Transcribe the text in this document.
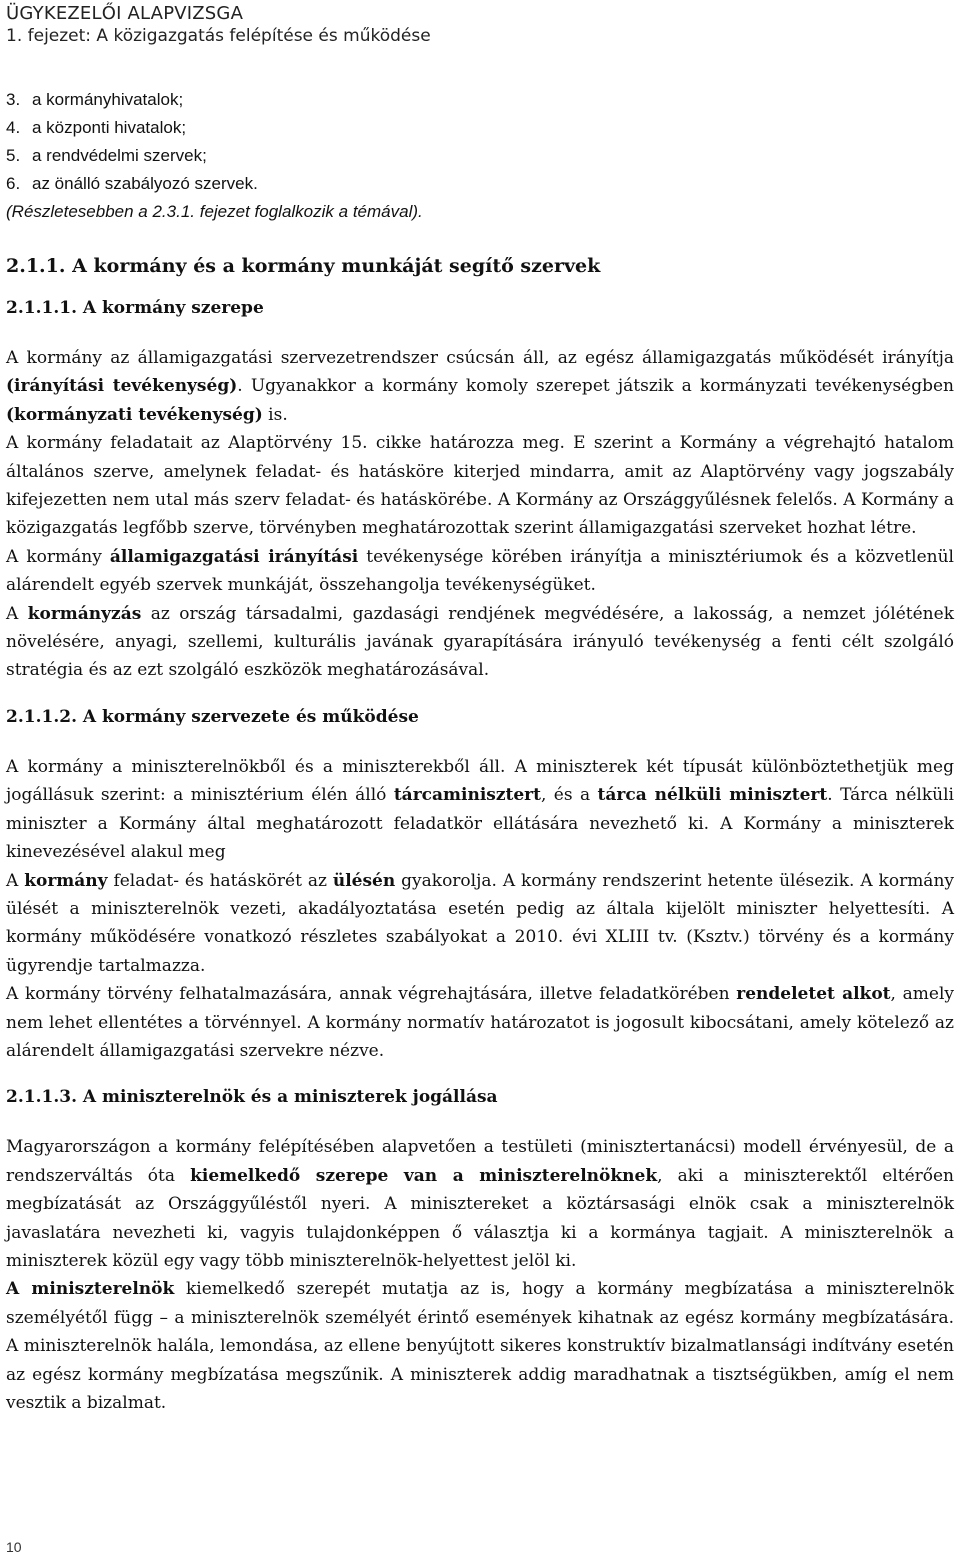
ÜGYKEZELŐI ALAPVIZSGA
1. fejezet: A közigazgatás felépítése és működése
3. a kormányhivatalok;
4. a központi hivatalok;
5. a rendvédelmi szervek;
6. az önálló szabályozó szervek.
(Részletesebben a 2.3.1. fejezet foglalkozik a témával).
2.1.1. A kormány és a kormány munkáját segítő szervek
2.1.1.1. A kormány szerepe

A kormány az államigazgatási szervezetrendszer csúcsán áll, az egész államigazgatás működését irányítja (irányítási tevékenység). Ugyanakkor a kormány komoly szerepet játszik a kormányzati tevékenységben (kormányzati tevékenység) is.

A kormány feladatait az Alaptörvény 15. cikke határozza meg. E szerint a Kormány a végrehajtó hatalom általános szerve, amelynek feladat- és hatásköre kiterjed mindarra, amit az Alaptörvény vagy jogszabály kifejezetten nem utal más szerv feladat- és hatáskörébe. A Kormány az Országgyűlésnek felelős. A Kormány a közigazgatás legfőbb szerve, törvényben meghatározottak szerint államigazgatási szerveket hozhat létre.

A kormány államigazgatási irányítási tevékenysége körében irányítja a minisztériumok és a közvetlenül alárendelt egyéb szervek munkáját, összehangolja tevékenységüket.

A kormányzás az ország társadalmi, gazdasági rendjének megvédésére, a lakosság, a nemzet jólétének növelésére, anyagi, szellemi, kulturális javának gyarapítására irányuló tevékenység a fenti célt szolgáló stratégia és az ezt szolgáló eszközök meghatározásával.

2.1.1.2. A kormány szervezete és működése

A kormány a miniszterelnökből és a miniszterekből áll. A miniszterek két típusát különböztethetjük meg jogállásuk szerint: a minisztérium élén álló tárcaminisztert, és a tárca nélküli minisztert. Tárca nélküli miniszter a Kormány által meghatározott feladatkör ellátására nevezhető ki. A Kormány a miniszterek kinevezésével alakul meg

A kormány feladat- és hatáskörét az ülésén gyakorolja. A kormány rendszerint hetente ülésezik. A kormány ülését a miniszterelnök vezeti, akadályoztatása esetén pedig az általa kijelölt miniszter helyettesíti. A kormány működésére vonatkozó részletes szabályokat a 2010. évi XLIII tv. (Ksztv.) törvény és a kormány ügyrendje tartalmazza.

A kormány törvény felhatalmazására, annak végrehajtására, illetve feladatkörében rendeletet alkot, amely nem lehet ellentétes a törvénnyel. A kormány normatív határozatot is jogosult kibocsátani, amely kötelező az alárendelt államigazgatási szervekre nézve.

2.1.1.3. A miniszterelnök és a miniszterek jogállása

Magyarországon a kormány felépítésében alapvetően a testületi (minisztertanácsi) modell érvényesül, de a rendszerváltás óta kiemelkedő szerepe van a miniszterelnöknek, aki a miniszterektől eltérően megbízatását az Országgyűléstől nyeri. A minisztereket a köztársasági elnök csak a miniszterelnök javaslatára nevezheti ki, vagyis tulajdonképpen ő választja ki a kormánya tagjait. A miniszterelnök a miniszterek közül egy vagy több miniszterelnök-helyettest jelöl ki.

A miniszterelnök kiemelkedő szerepét mutatja az is, hogy a kormány megbízatása a miniszterelnök személyétől függ – a miniszterelnök személyét érintő események kihatnak az egész kormány megbízatására. A miniszterelnök halála, lemondása, az ellene benyújtott sikeres konstruktív bizalmatlansági indítvány esetén az egész kormány megbízatása megszűnik. A miniszterek addig maradhatnak a tisztségükben, amíg el nem vesztik a bizalmat.

10
